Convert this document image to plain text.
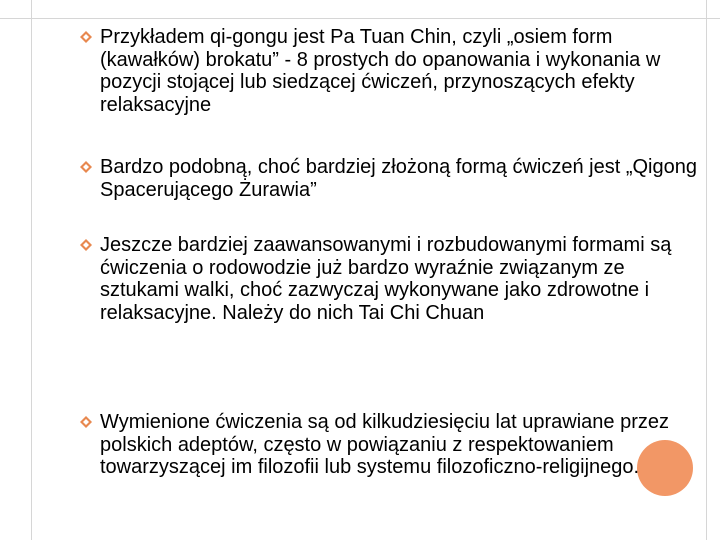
Przykładem qi-gongu jest Pa Tuan Chin, czyli „osiem form (kawałków) brokatu” - 8 prostych do opanowania i wykonania w pozycji stojącej lub siedzącej ćwiczeń, przynoszących efekty relaksacyjne
Bardzo podobną, choć bardziej złożoną formą ćwiczeń jest „Qigong Spacerującego Żurawia”
Jeszcze bardziej zaawansowanymi i rozbudowanymi formami są ćwiczenia o rodowodzie już bardzo wyraźnie związanym ze sztukami walki, choć zazwyczaj wykonywane jako zdrowotne i relaksacyjne. Należy do nich Tai Chi Chuan
Wymienione ćwiczenia są od kilkudziesięciu lat uprawiane przez polskich adeptów, często w powiązaniu z respektowaniem towarzyszącej im filozofii lub systemu filozoficzno-religijnego.
